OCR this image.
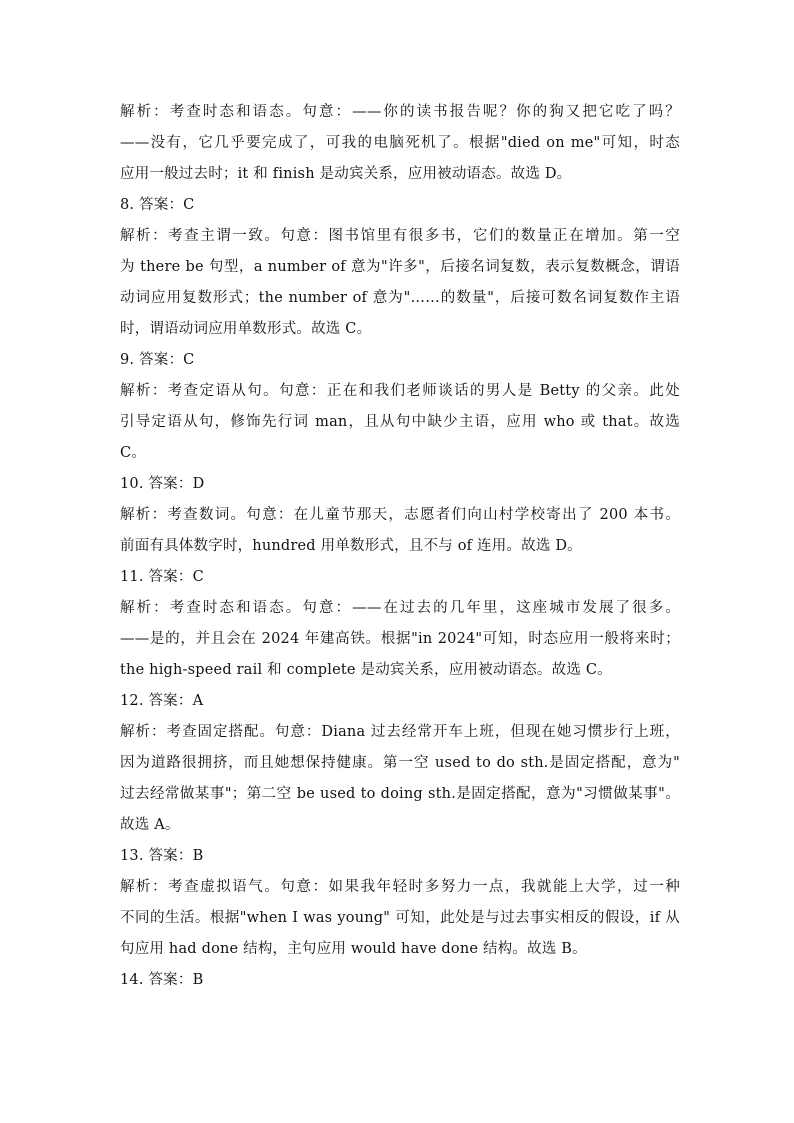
解析：考查时态和语态。句意：——你的读书报告呢？你的狗又把它吃了吗？
——没有，它几乎要完成了，可我的电脑死机了。根据"died on me"可知，时态
应用一般过去时；it 和 finish 是动宾关系，应用被动语态。故选 D。
8. 答案：C
解析：考查主谓一致。句意：图书馆里有很多书，它们的数量正在增加。第一空
为 there be 句型，a number of 意为"许多"，后接名词复数，表示复数概念，谓语
动词应用复数形式；the number of 意为"……的数量"，后接可数名词复数作主语
时，谓语动词应用单数形式。故选 C。
9. 答案：C
解析：考查定语从句。句意：正在和我们老师谈话的男人是 Betty 的父亲。此处
引导定语从句，修饰先行词 man，且从句中缺少主语，应用 who 或 that。故选
C。
10. 答案：D
解析：考查数词。句意：在儿童节那天，志愿者们向山村学校寄出了 200 本书。
前面有具体数字时，hundred 用单数形式，且不与 of 连用。故选 D。
11. 答案：C
解析：考查时态和语态。句意：——在过去的几年里，这座城市发展了很多。
——是的，并且会在 2024 年建高铁。根据"in 2024"可知，时态应用一般将来时；
the high-speed rail 和 complete 是动宾关系，应用被动语态。故选 C。
12. 答案：A
解析：考查固定搭配。句意：Diana 过去经常开车上班，但现在她习惯步行上班，
因为道路很拥挤，而且她想保持健康。第一空 used to do sth.是固定搭配，意为"
过去经常做某事"；第二空 be used to doing sth.是固定搭配，意为"习惯做某事"。
故选 A。
13. 答案：B
解析：考查虚拟语气。句意：如果我年轻时多努力一点，我就能上大学，过一种
不同的生活。根据"when I was young" 可知，此处是与过去事实相反的假设，if 从
句应用 had done 结构，主句应用 would have done 结构。故选 B。
14. 答案：B
